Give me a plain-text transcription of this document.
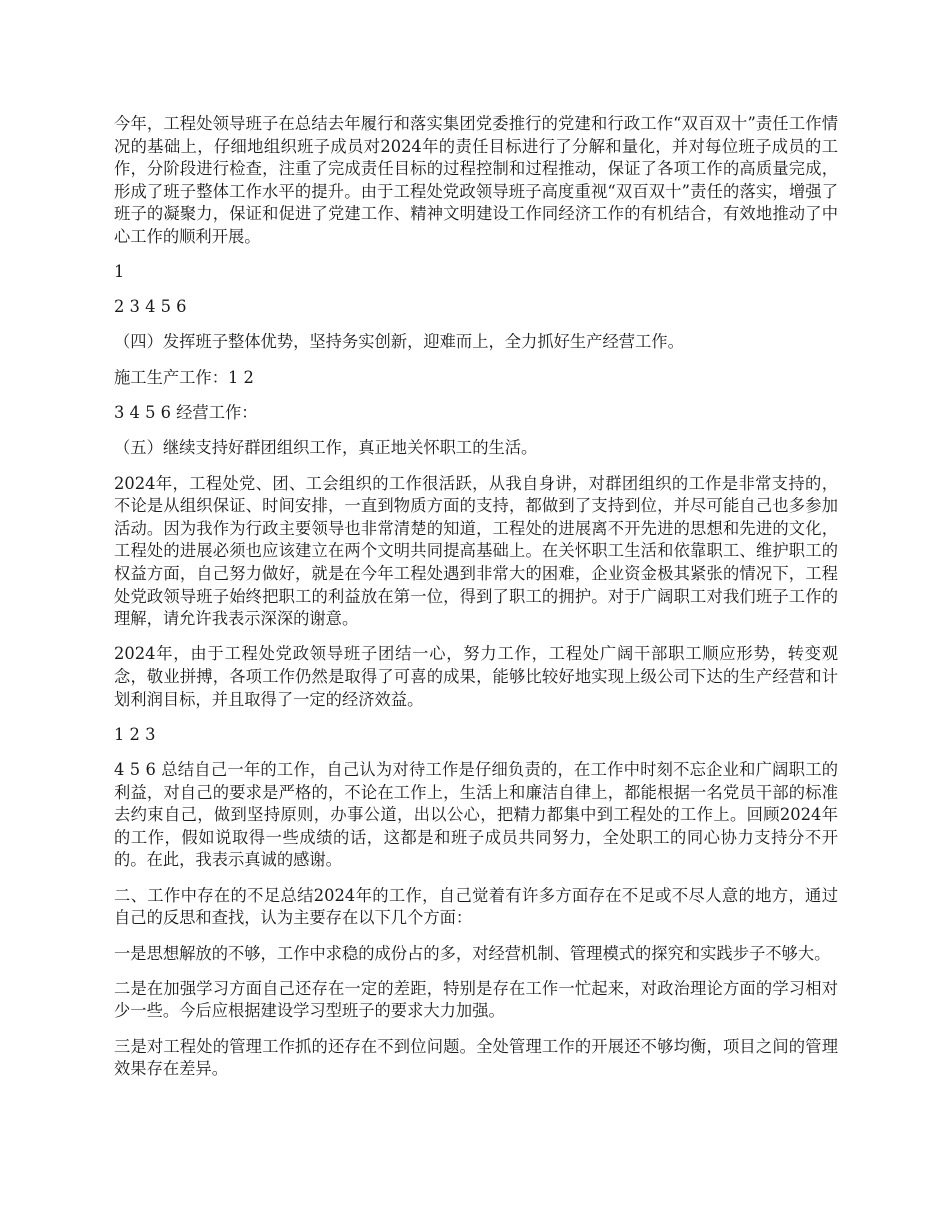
今年，工程处领导班子在总结去年履行和落实集团党委推行的党建和行政工作“双百双十”责任工作情况的基础上，仔细地组织班子成员对2024年的责任目标进行了分解和量化，并对每位班子成员的工作，分阶段进行检查，注重了完成责任目标的过程控制和过程推动，保证了各项工作的高质量完成，形成了班子整体工作水平的提升。由于工程处党政领导班子高度重视“双百双十”责任的落实，增强了班子的凝聚力，保证和促进了党建工作、精神文明建设工作同经济工作的有机结合，有效地推动了中心工作的顺利开展。

1

2 3 4 5 6

（四）发挥班子整体优势，坚持务实创新，迎难而上，全力抓好生产经营工作。

施工生产工作：1 2

3 4 5 6 经营工作：

（五）继续支持好群团组织工作，真正地关怀职工的生活。

2024年，工程处党、团、工会组织的工作很活跃，从我自身讲，对群团组织的工作是非常支持的，不论是从组织保证、时间安排，一直到物质方面的支持，都做到了支持到位，并尽可能自己也多参加活动。因为我作为行政主要领导也非常清楚的知道，工程处的进展离不开先进的思想和先进的文化，工程处的进展必须也应该建立在两个文明共同提高基础上。在关怀职工生活和依靠职工、维护职工的权益方面，自己努力做好，就是在今年工程处遇到非常大的困难，企业资金极其紧张的情况下，工程处党政领导班子始终把职工的利益放在第一位，得到了职工的拥护。对于广阔职工对我们班子工作的理解，请允许我表示深深的谢意。

2024年，由于工程处党政领导班子团结一心，努力工作，工程处广阔干部职工顺应形势，转变观念，敬业拼搏，各项工作仍然是取得了可喜的成果，能够比较好地实现上级公司下达的生产经营和计划利润目标，并且取得了一定的经济效益。

1 2 3

4 5 6 总结自己一年的工作，自己认为对待工作是仔细负责的，在工作中时刻不忘企业和广阔职工的利益，对自己的要求是严格的，不论在工作上，生活上和廉洁自律上，都能根据一名党员干部的标准去约束自己，做到坚持原则，办事公道，出以公心，把精力都集中到工程处的工作上。回顾2024年的工作，假如说取得一些成绩的话，这都是和班子成员共同努力，全处职工的同心协力支持分不开的。在此，我表示真诚的感谢。

二、工作中存在的不足总结2024年的工作，自己觉着有许多方面存在不足或不尽人意的地方，通过自己的反思和查找，认为主要存在以下几个方面：

一是思想解放的不够，工作中求稳的成份占的多，对经营机制、管理模式的探究和实践步子不够大。

二是在加强学习方面自己还存在一定的差距，特别是存在工作一忙起来，对政治理论方面的学习相对少一些。今后应根据建设学习型班子的要求大力加强。

三是对工程处的管理工作抓的还存在不到位问题。全处管理工作的开展还不够均衡，项目之间的管理效果存在差异。
